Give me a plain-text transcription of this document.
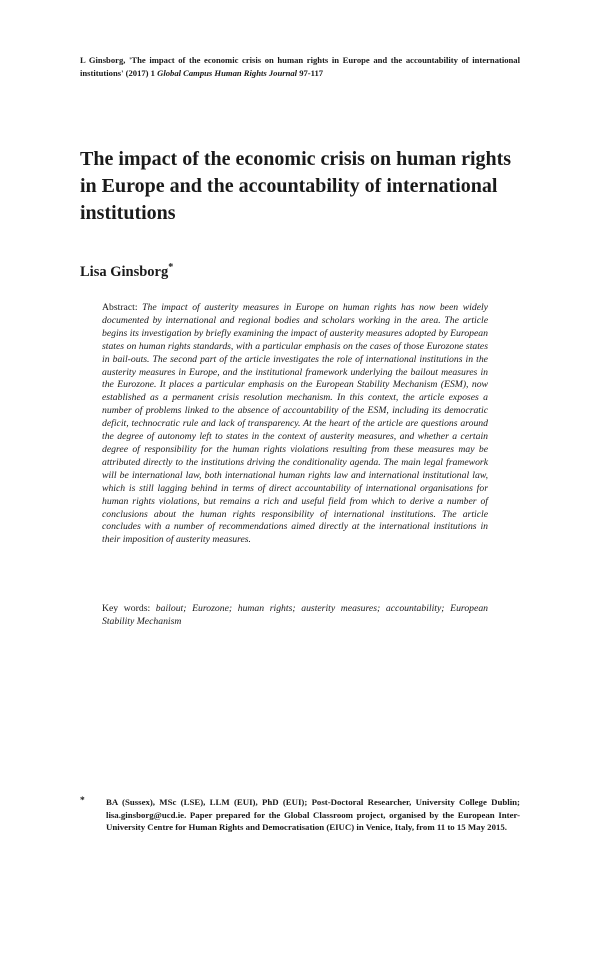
L Ginsborg, 'The impact of the economic crisis on human rights in Europe and the accountability of international institutions' (2017) 1 Global Campus Human Rights Journal 97-117
The impact of the economic crisis on human rights in Europe and the accountability of international institutions

Lisa Ginsborg*

Abstract: The impact of austerity measures in Europe on human rights has now been widely documented by international and regional bodies and scholars working in the area. The article begins its investigation by briefly examining the impact of austerity measures adopted by European states on human rights standards, with a particular emphasis on the cases of those Eurozone states in bail-outs. The second part of the article investigates the role of international institutions in the austerity measures in Europe, and the institutional framework underlying the bailout measures in the Eurozone. It places a particular emphasis on the European Stability Mechanism (ESM), now established as a permanent crisis resolution mechanism. In this context, the article exposes a number of problems linked to the absence of accountability of the ESM, including its democratic deficit, technocratic rule and lack of transparency. At the heart of the article are questions around the degree of autonomy left to states in the context of austerity measures, and whether a certain degree of responsibility for the human rights violations resulting from these measures may be attributed directly to the institutions driving the conditionality agenda. The main legal framework will be international law, both international human rights law and international institutional law, which is still lagging behind in terms of direct accountability of international organisations for human rights violations, but remains a rich and useful field from which to derive a number of conclusions about the human rights responsibility of international institutions. The article concludes with a number of recommendations aimed directly at the international institutions in their imposition of austerity measures.

Key words: bailout; Eurozone; human rights; austerity measures; accountability; European Stability Mechanism

* BA (Sussex), MSc (LSE), LLM (EUI), PhD (EUI); Post-Doctoral Researcher, University College Dublin; lisa.ginsborg@ucd.ie. Paper prepared for the Global Classroom project, organised by the European Inter-University Centre for Human Rights and Democratisation (EIUC) in Venice, Italy, from 11 to 15 May 2015.
